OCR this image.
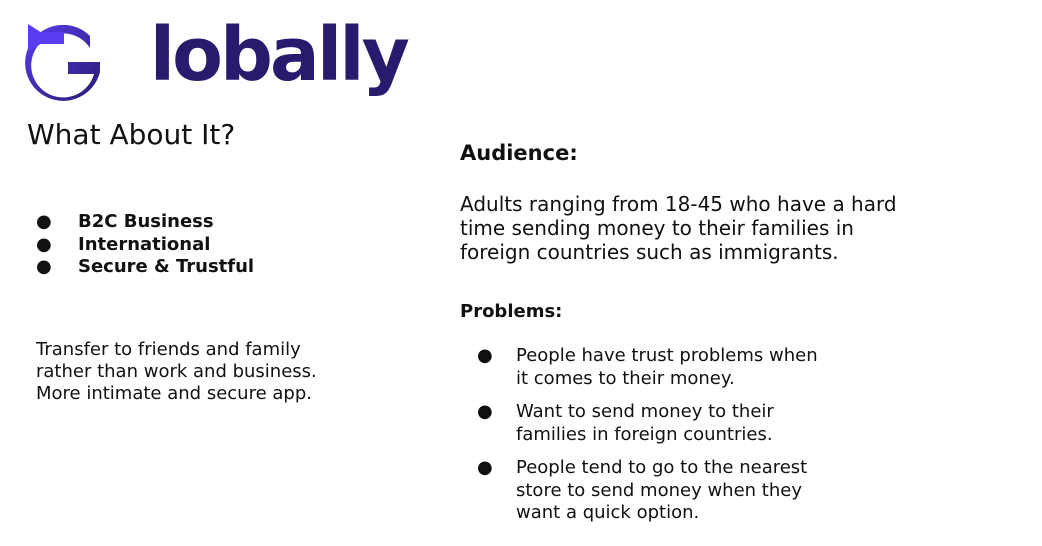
lobally
What About It?
● B2C Business
● International
● Secure & Trustful
Transfer to friends and family
rather than work and business.
More intimate and secure app.
Audience:
Adults ranging from 18-45 who have a hard
time sending money to their families in
foreign countries such as immigrants.
Problems:
● People have trust problems when
it comes to their money.
● Want to send money to their
families in foreign countries.
● People tend to go to the nearest
store to send money when they
want a quick option.
